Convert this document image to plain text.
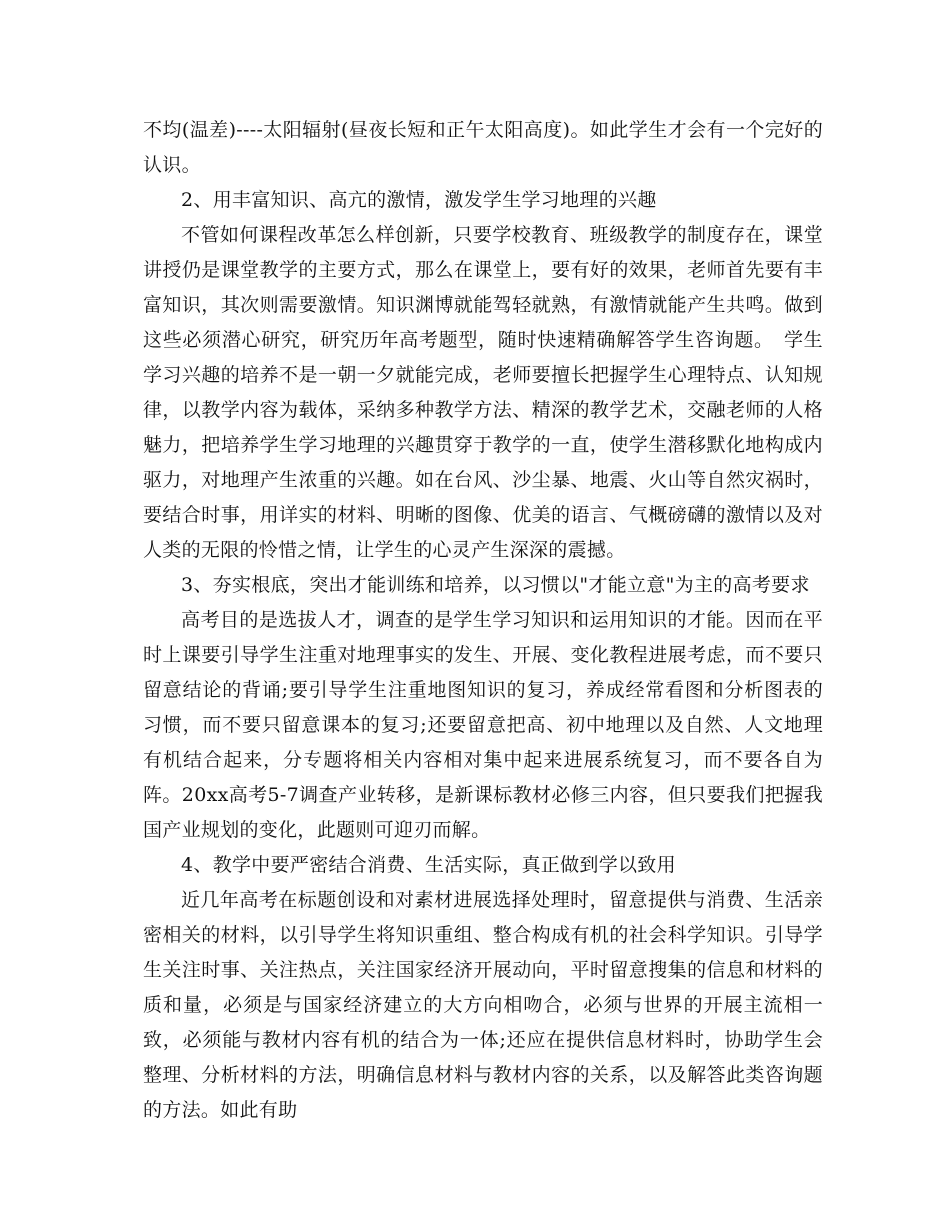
不均(温差)----太阳辐射(昼夜长短和正午太阳高度)。如此学生才会有一个完好的认识。

2、用丰富知识、高亢的激情，激发学生学习地理的兴趣

不管如何课程改革怎么样创新，只要学校教育、班级教学的制度存在，课堂讲授仍是课堂教学的主要方式，那么在课堂上，要有好的效果，老师首先要有丰富知识，其次则需要激情。知识渊博就能驾轻就熟，有激情就能产生共鸣。做到这些必须潜心研究，研究历年高考题型，随时快速精确解答学生咨询题。　学生学习兴趣的培养不是一朝一夕就能完成，老师要擅长把握学生心理特点、认知规律，以教学内容为载体，采纳多种教学方法、精深的教学艺术，交融老师的人格魅力，把培养学生学习地理的兴趣贯穿于教学的一直，使学生潜移默化地构成内驱力，对地理产生浓重的兴趣。如在台风、沙尘暴、地震、火山等自然灾祸时，要结合时事，用详实的材料、明晰的图像、优美的语言、气概磅礴的激情以及对人类的无限的怜惜之情，让学生的心灵产生深深的震撼。

3、夯实根底，突出才能训练和培养，以习惯以"才能立意"为主的高考要求

高考目的是选拔人才，调查的是学生学习知识和运用知识的才能。因而在平时上课要引导学生注重对地理事实的发生、开展、变化教程进展考虑，而不要只留意结论的背诵;要引导学生注重地图知识的复习，养成经常看图和分析图表的习惯，而不要只留意课本的复习;还要留意把高、初中地理以及自然、人文地理有机结合起来，分专题将相关内容相对集中起来进展系统复习，而不要各自为阵。20xx高考5-7调查产业转移，是新课标教材必修三内容，但只要我们把握我国产业规划的变化，此题则可迎刃而解。

4、教学中要严密结合消费、生活实际，真正做到学以致用

近几年高考在标题创设和对素材进展选择处理时，留意提供与消费、生活亲密相关的材料，以引导学生将知识重组、整合构成有机的社会科学知识。引导学生关注时事、关注热点，关注国家经济开展动向，平时留意搜集的信息和材料的质和量，必须是与国家经济建立的大方向相吻合，必须与世界的开展主流相一致，必须能与教材内容有机的结合为一体;还应在提供信息材料时，协助学生会整理、分析材料的方法，明确信息材料与教材内容的关系，以及解答此类咨询题的方法。如此有助
